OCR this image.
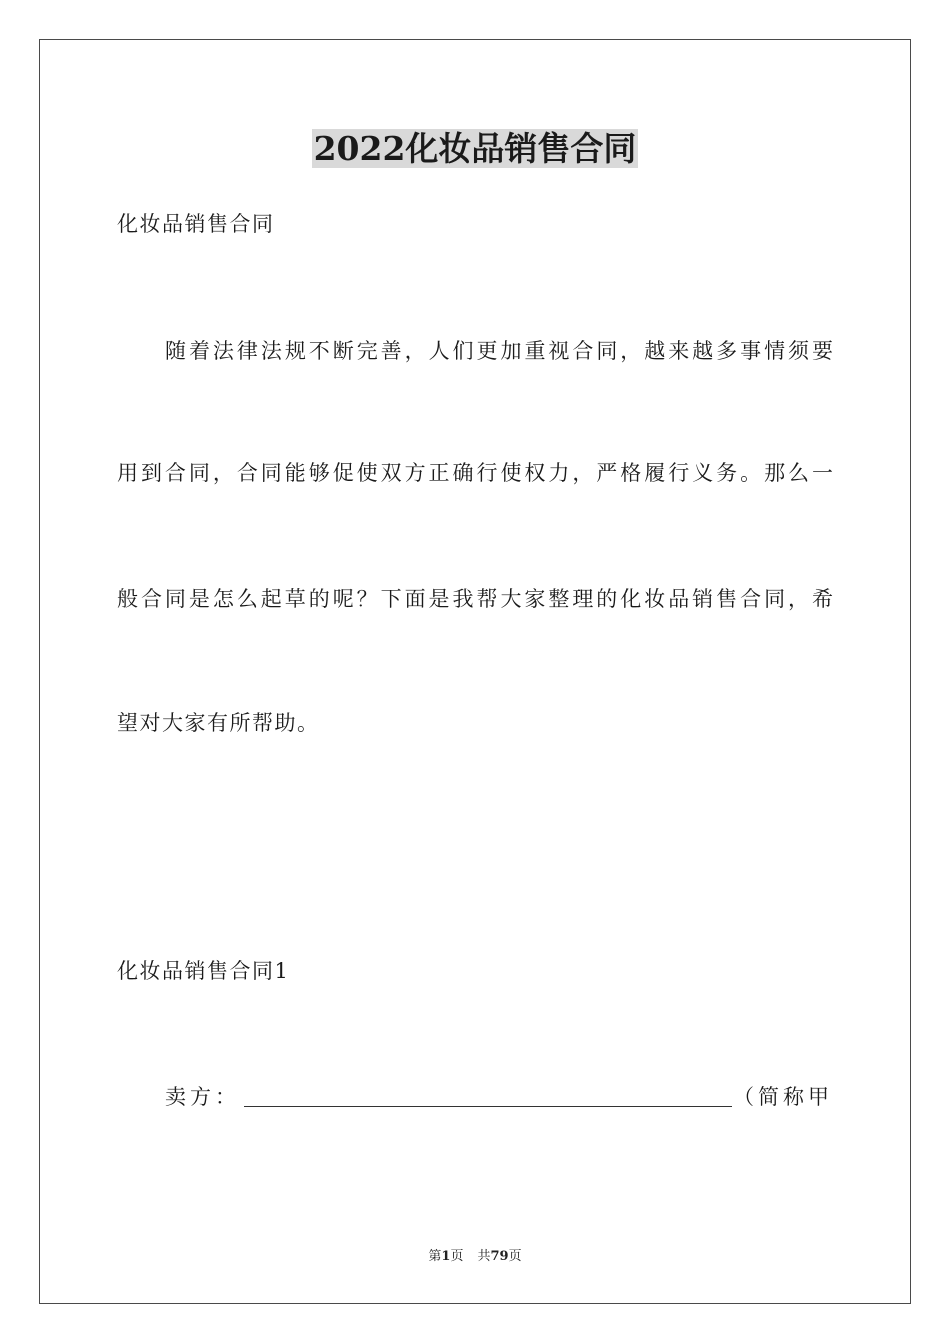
2022化妆品销售合同
化妆品销售合同
随着法律法规不断完善，人们更加重视合同，越来越多事情须要
用到合同，合同能够促使双方正确行使权力，严格履行义务。那么一
般合同是怎么起草的呢？下面是我帮大家整理的化妆品销售合同，希
望对大家有所帮助。
化妆品销售合同1
卖方：	（简称甲
第1页 共79页
